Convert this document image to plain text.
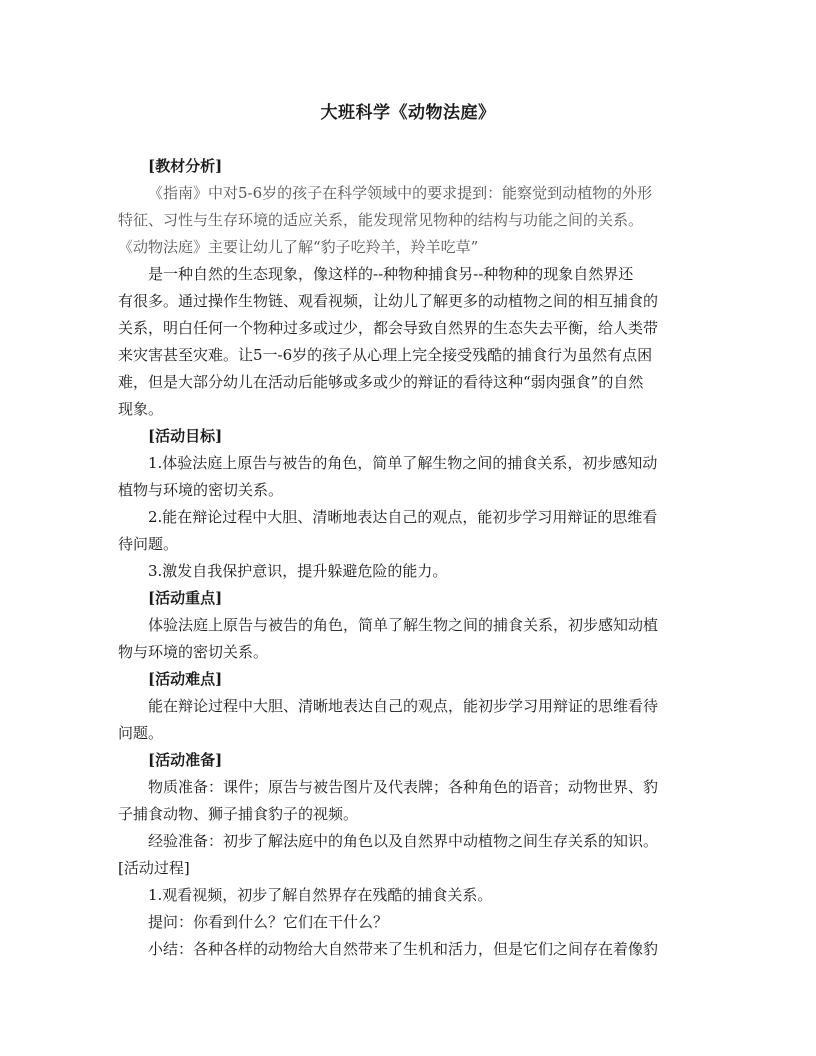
大班科学《动物法庭》
[教材分析]
《指南》中对5-6岁的孩子在科学领域中的要求提到：能察觉到动植物的外形
特征、习性与生存环境的适应关系，能发现常见物种的结构与功能之间的关系。
《动物法庭》主要让幼儿了解“豹子吃羚羊，羚羊吃草”
是一种自然的生态现象，像这样的--种物种捕食另--种物种的现象自然界还
有很多。通过操作生物链、观看视频，让幼儿了解更多的动植物之间的相互捕食的
关系，明白任何一个物种过多或过少，都会导致自然界的生态失去平衡，给人类带
来灾害甚至灾难。让5一-6岁的孩子从心理上完全接受残酷的捕食行为虽然有点困
难，但是大部分幼儿在活动后能够或多或少的辩证的看待这种“弱肉强食”的自然
现象。
[活动目标]
1.体验法庭上原告与被告的角色，简单了解生物之间的捕食关系，初步感知动
植物与环境的密切关系。
2.能在辩论过程中大胆、清晰地表达自己的观点，能初步学习用辩证的思维看
待问题。
3.激发自我保护意识，提升躲避危险的能力。
[活动重点]
体验法庭上原告与被告的角色，简单了解生物之间的捕食关系，初步感知动植
物与环境的密切关系。
[活动难点]
能在辩论过程中大胆、清晰地表达自己的观点，能初步学习用辩证的思维看待
问题。
[活动准备]
物质准备：课件；原告与被告图片及代表牌；各种角色的语音；动物世界、豹
子捕食动物、狮子捕食豹子的视频。
经验准备：初步了解法庭中的角色以及自然界中动植物之间生存关系的知识。
[活动过程]
1.观看视频，初步了解自然界存在残酷的捕食关系。
提问：你看到什么？它们在干什么？
小结：各种各样的动物给大自然带来了生机和活力，但是它们之间存在着像豹
